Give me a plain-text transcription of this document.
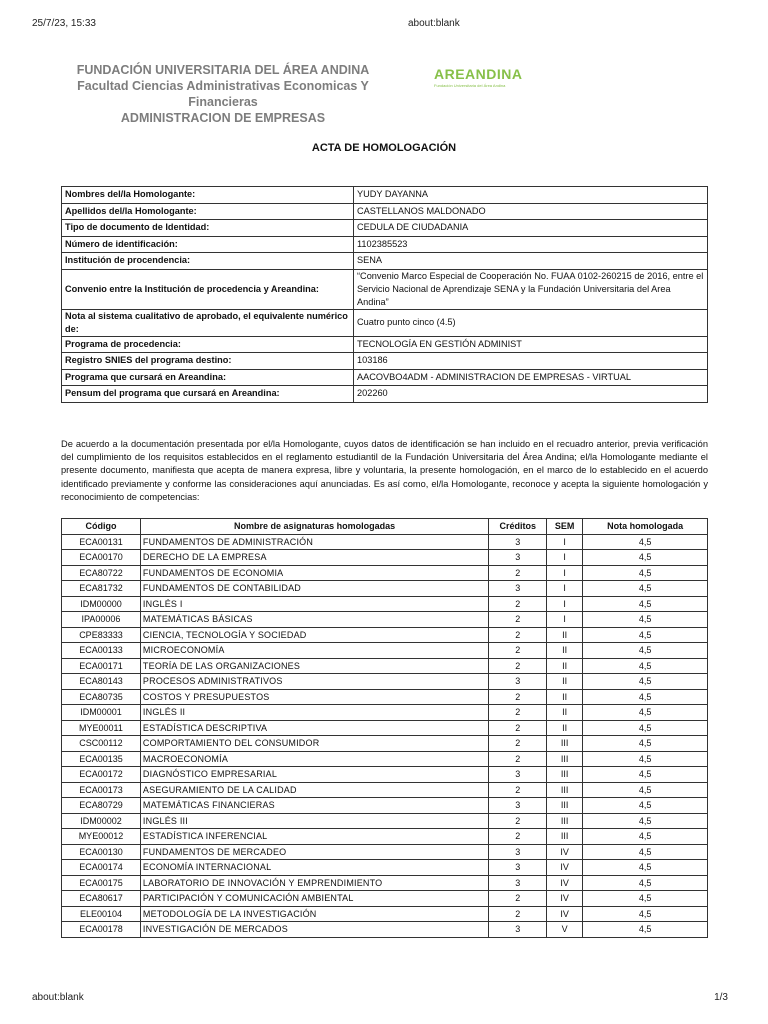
25/7/23, 15:33	about:blank
FUNDACIÓN UNIVERSITARIA DEL ÁREA ANDINA
Facultad Ciencias Administrativas Economicas Y Financieras
ADMINISTRACION DE EMPRESAS
AREANDINA
Fundación Universitaria del Área Andina
ACTA DE HOMOLOGACIÓN
Nombres del/la Homologante:	YUDY DAYANNA
Apellidos del/la Homologante:	CASTELLANOS MALDONADO
Tipo de documento de Identidad:	CEDULA DE CIUDADANIA
Número de identificación:	1102385523
Institución de procendencia:	SENA
Convenio entre la Institución de procedencia y Areandina:	“Convenio Marco Especial de Cooperación No. FUAA 0102-260215 de 2016, entre el Servicio Nacional de Aprendizaje SENA y la Fundación Universitaria del Area Andina”
Nota al sistema cualitativo de aprobado, el equivalente numérico de:	Cuatro punto cinco (4.5)
Programa de procedencia:	TECNOLOGÍA EN GESTIÓN ADMINIST
Registro SNIES del programa destino:	103186
Programa que cursará en Areandina:	AACOVBO4ADM - ADMINISTRACION DE EMPRESAS - VIRTUAL
Pensum del programa que cursará en Areandina:	202260
De acuerdo a la documentación presentada por el/la Homologante, cuyos datos de identificación se han incluido en el recuadro anterior, previa verificación del cumplimiento de los requisitos establecidos en el reglamento estudiantil de la Fundación Universitaria del Área Andina; el/la Homologante mediante el presente documento, manifiesta que acepta de manera expresa, libre y voluntaria, la presente homologación, en el marco de lo establecido en el acuerdo identificado previamente y conforme las consideraciones aquí anunciadas. Es así como, el/la Homologante, reconoce y acepta la siguiente homologación y reconocimiento de competencias:
Código	Nombre de asignaturas homologadas	Créditos	SEM	Nota homologada
ECA00131	FUNDAMENTOS DE ADMINISTRACIÓN	3	I	4,5
ECA00170	DERECHO DE LA EMPRESA	3	I	4,5
ECA80722	FUNDAMENTOS DE ECONOMIA	2	I	4,5
ECA81732	FUNDAMENTOS DE CONTABILIDAD	3	I	4,5
IDM00000	INGLÉS I	2	I	4,5
IPA00006	MATEMÁTICAS BÁSICAS	2	I	4,5
CPE83333	CIENCIA, TECNOLOGÍA Y SOCIEDAD	2	II	4,5
ECA00133	MICROECONOMÍA	2	II	4,5
ECA00171	TEORÍA DE LAS ORGANIZACIONES	2	II	4,5
ECA80143	PROCESOS ADMINISTRATIVOS	3	II	4,5
ECA80735	COSTOS Y PRESUPUESTOS	2	II	4,5
IDM00001	INGLÉS II	2	II	4,5
MYE00011	ESTADÍSTICA DESCRIPTIVA	2	II	4,5
CSC00112	COMPORTAMIENTO DEL CONSUMIDOR	2	III	4,5
ECA00135	MACROECONOMÍA	2	III	4,5
ECA00172	DIAGNÓSTICO EMPRESARIAL	3	III	4,5
ECA00173	ASEGURAMIENTO DE LA CALIDAD	2	III	4,5
ECA80729	MATEMÁTICAS FINANCIERAS	3	III	4,5
IDM00002	INGLÉS III	2	III	4,5
MYE00012	ESTADÍSTICA INFERENCIAL	2	III	4,5
ECA00130	FUNDAMENTOS DE MERCADEO	3	IV	4,5
ECA00174	ECONOMÍA INTERNACIONAL	3	IV	4,5
ECA00175	LABORATORIO DE INNOVACIÓN Y EMPRENDIMIENTO	3	IV	4,5
ECA80617	PARTICIPACIÓN Y COMUNICACIÓN AMBIENTAL	2	IV	4,5
ELE00104	METODOLOGÍA DE LA INVESTIGACIÓN	2	IV	4,5
ECA00178	INVESTIGACIÓN DE MERCADOS	3	V	4,5
about:blank	1/3
